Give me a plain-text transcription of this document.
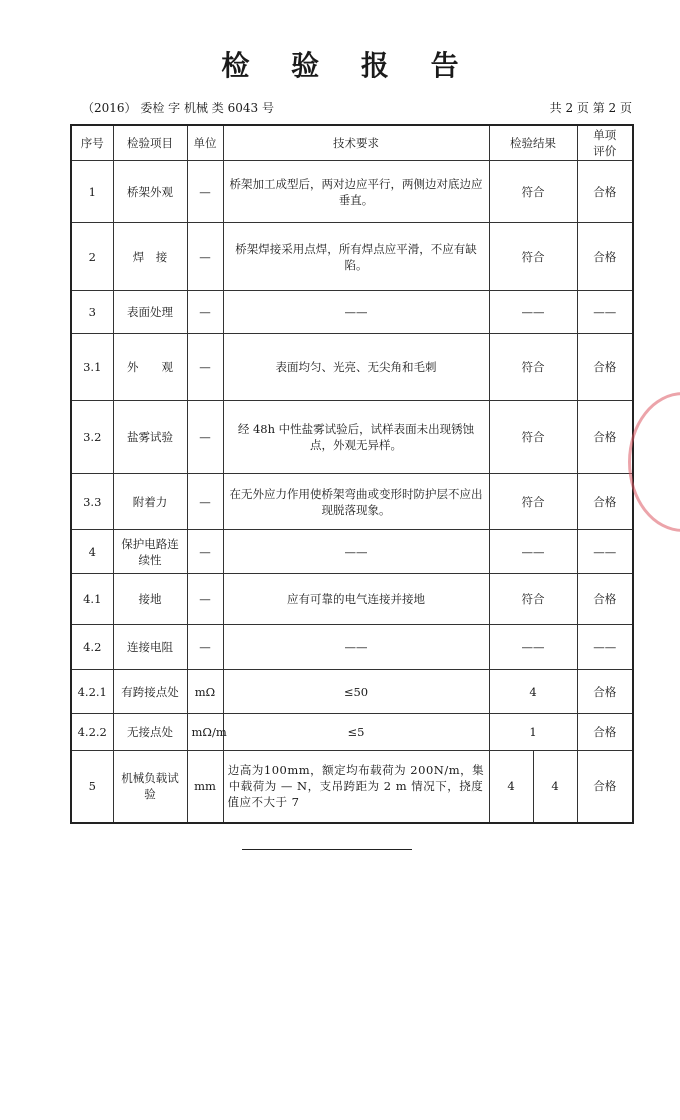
检 验 报 告
（2016） 委检 字 机械 类 6043 号	共 2 页 第 2 页
序号	检验项目	单位	技术要求	检验结果		单项
评价

1	桥架外观	—	桥架加工成型后，两对边应平行，两侧边对底边应垂直。	符合		合格
2	焊　接	—	桥架焊接采用点焊，所有焊点应平滑，不应有缺陷。	符合		合格
3	表面处理	—	——	——		——
3.1	外　　观	—	表面均匀、光亮、无尖角和毛刺	符合		合格
3.2	盐雾试验	—	经 48h 中性盐雾试验后，试样表面未出现锈蚀点，外观无异样。	符合		合格
3.3	附着力	—	在无外应力作用使桥架弯曲或变形时防护层不应出现脱落现象。	符合		合格
4	保护电路连续性	—	——	——		——
4.1	接地	—	应有可靠的电气连接并接地	符合		合格
4.2	连接电阻	—	——	——		——
4.2.1	有跨接点处	mΩ	≤50	4		合格
4.2.2	无接点处	mΩ/m	≤5	1		合格
5	机械负载试验	mm	边高为100mm，额定均布载荷为 200N/m，集中载荷为 — N，支吊跨距为 2 m 情况下，挠度值应不大于 7	4	4	合格
